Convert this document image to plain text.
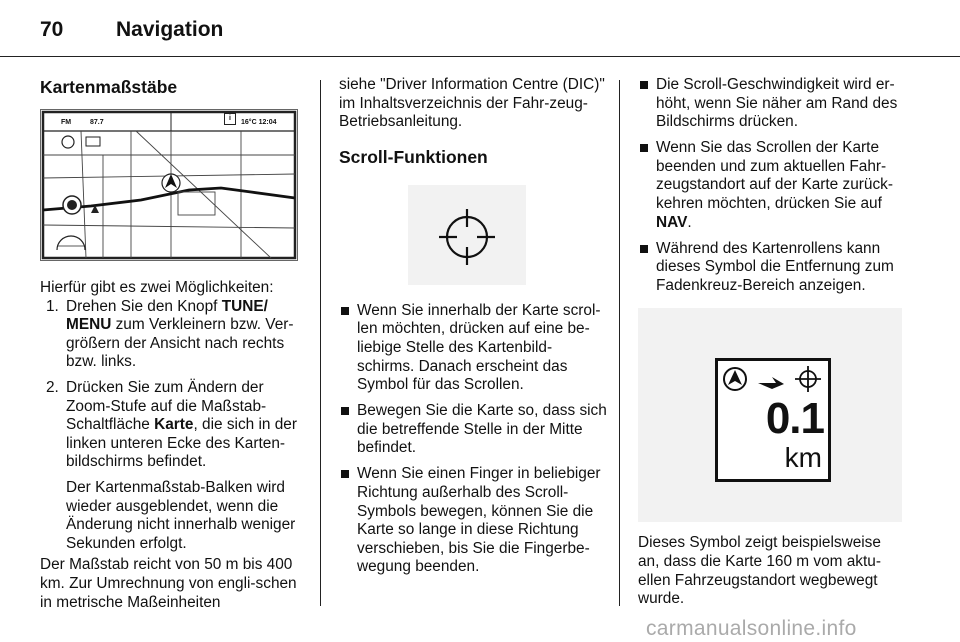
70	Navigation
Kartenmaßstäbe
FM	87.7
i
16°C 12:04

Hierfür gibt es zwei Möglichkeiten:

1. Drehen Sie den Knopf TUNE/ MENU zum Verkleinern bzw. Ver-größern der Ansicht nach rechts bzw. links.
2. Drücken Sie zum Ändern der Zoom-Stufe auf die Maßstab-Schaltfläche Karte, die sich in der linken unteren Ecke des Karten-bildschirms befindet.

Der Kartenmaßstab-Balken wird wieder ausgeblendet, wenn die Änderung nicht innerhalb weniger Sekunden erfolgt.

Der Maßstab reicht von 50 m bis 400 km. Zur Umrechnung von engli-schen in metrische Maßeinheiten

siehe "Driver Information Centre (DIC)" im Inhaltsverzeichnis der Fahr-zeug-Betriebsanleitung.

Scroll-Funktionen
Wenn Sie innerhalb der Karte scrol-len möchten, drücken auf eine be-liebige Stelle des Kartenbild-schirms. Danach erscheint das Symbol für das Scrollen.
Bewegen Sie die Karte so, dass sich die betreffende Stelle in der Mitte befindet.
Wenn Sie einen Finger in beliebiger Richtung außerhalb des Scroll-Symbols bewegen, können Sie die Karte so lange in diese Richtung verschieben, bis Sie die Fingerbe-wegung beenden.
Die Scroll-Geschwindigkeit wird er-höht, wenn Sie näher am Rand des Bildschirms drücken.
Wenn Sie das Scrollen der Karte beenden und zum aktuellen Fahr-zeugstandort auf der Karte zurück-kehren möchten, drücken Sie auf NAV.
Während des Kartenrollens kann dieses Symbol die Entfernung zum Fadenkreuz-Bereich anzeigen.
0.1
km

Dieses Symbol zeigt beispielsweise an, dass die Karte 160 m vom aktu-ellen Fahrzeugstandort wegbewegt wurde.

carmanualsonline.info
